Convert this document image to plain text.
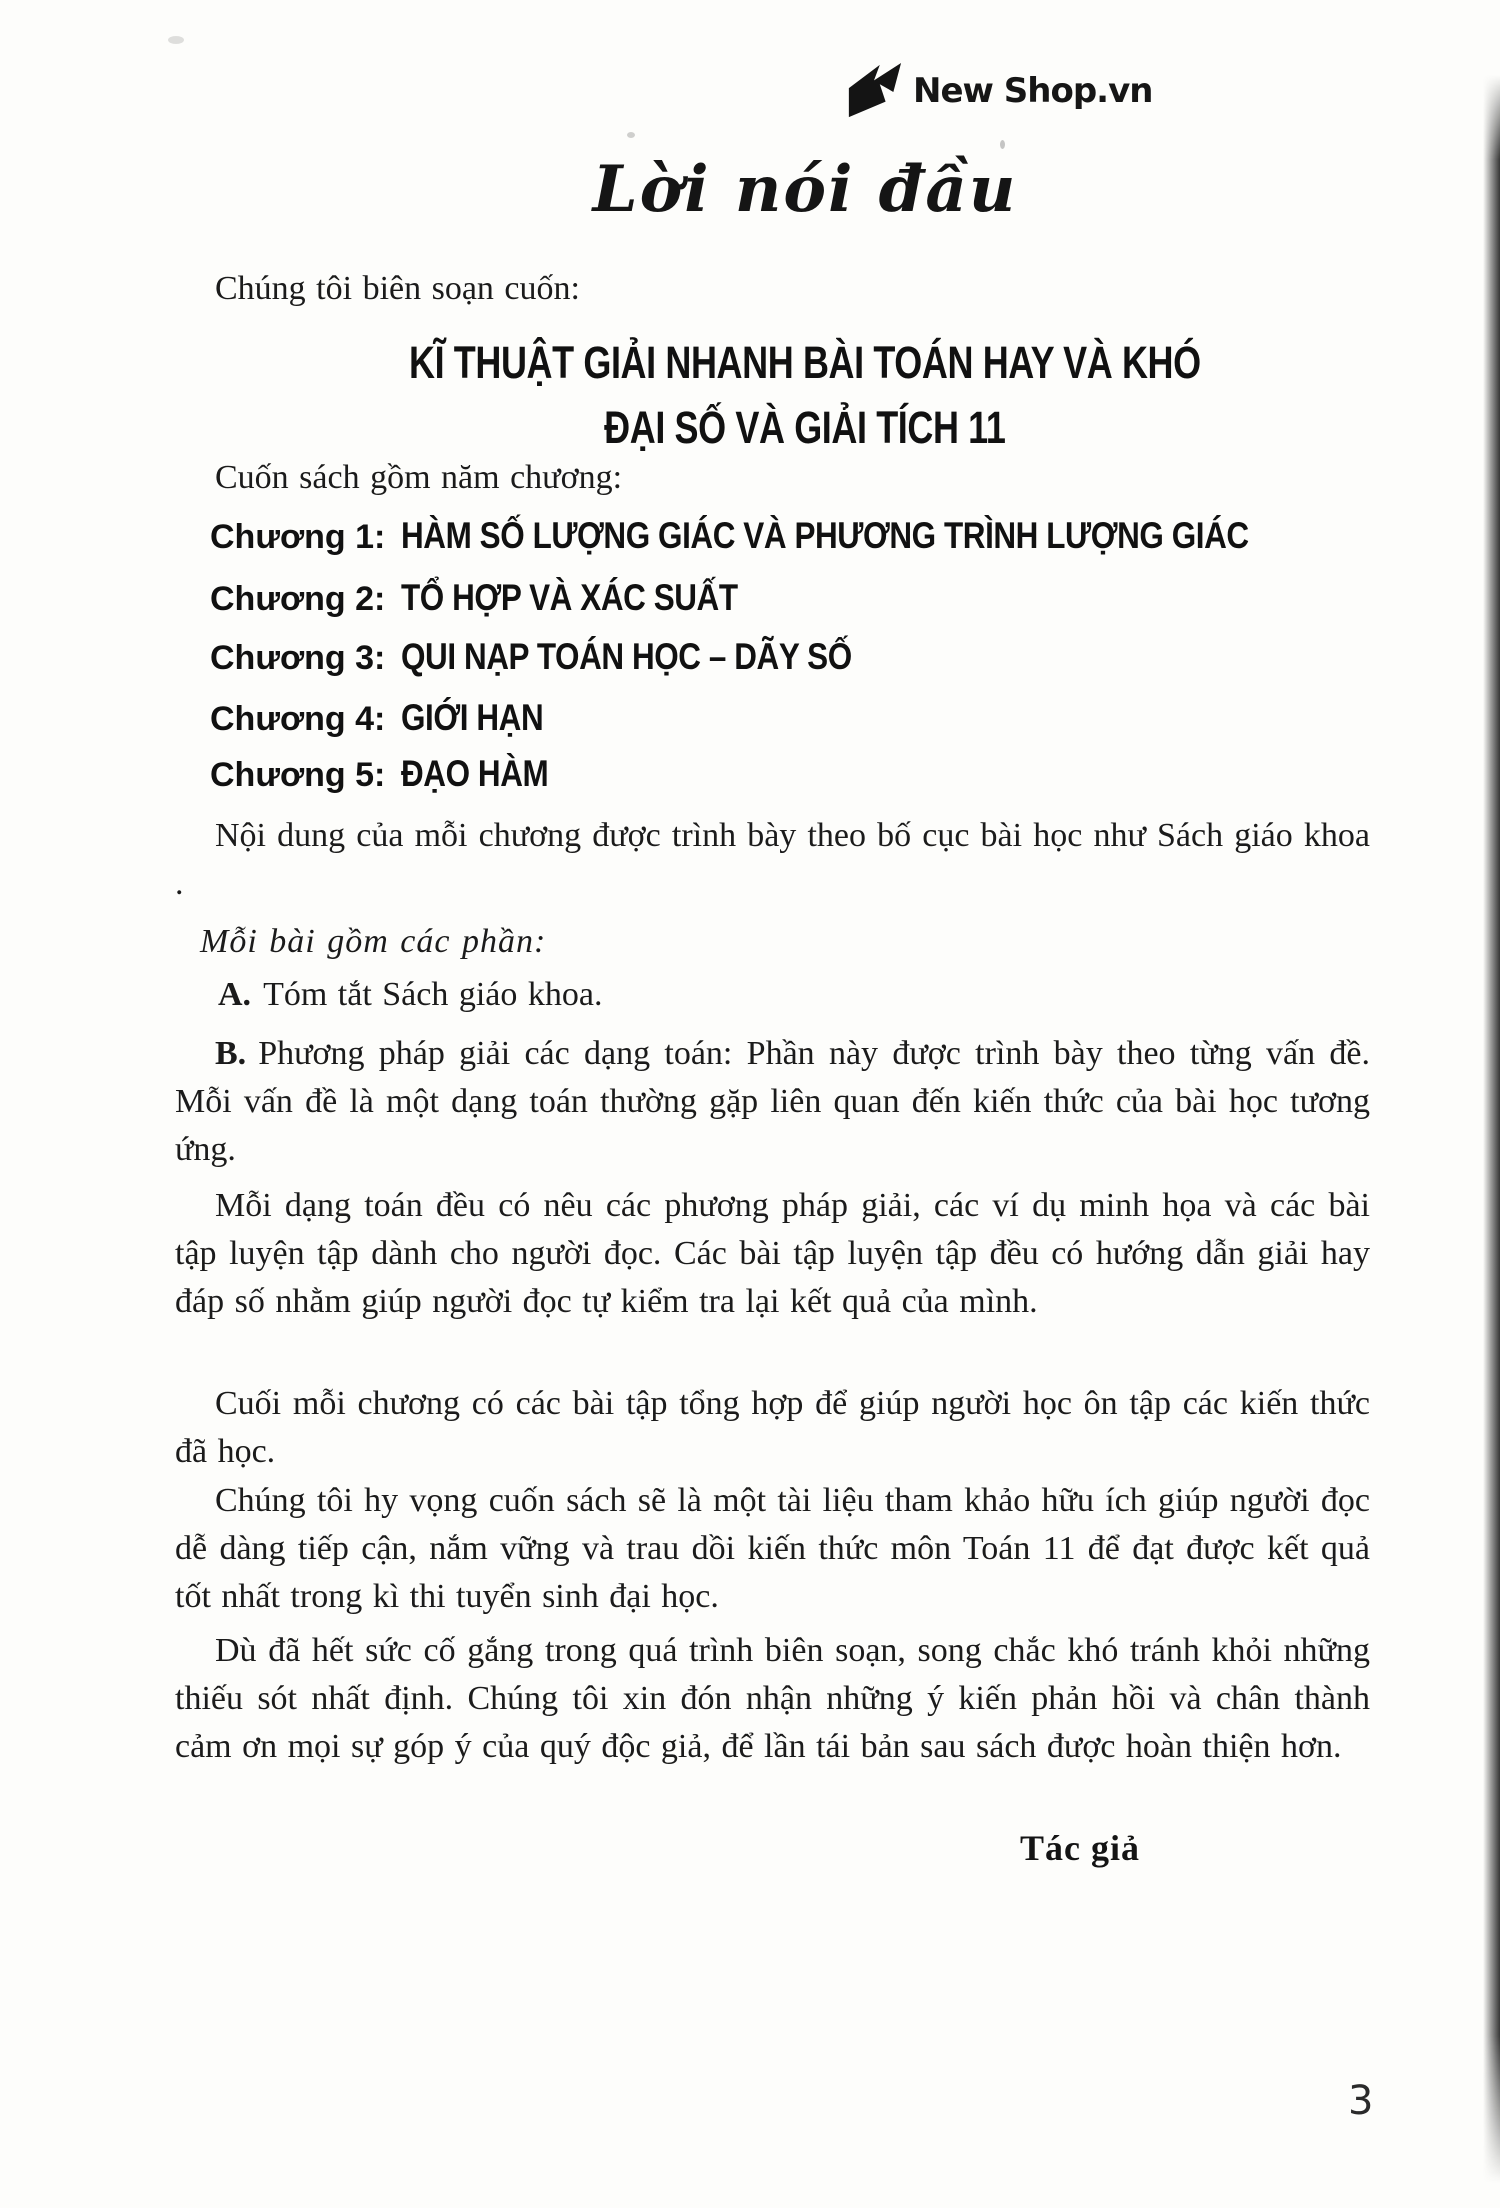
New Shop.vn
Lời nói đầu
Chúng tôi biên soạn cuốn:
KĨ THUẬT GIẢI NHANH BÀI TOÁN HAY VÀ KHÓ
ĐẠI SỐ VÀ GIẢI TÍCH 11
Cuốn sách gồm năm chương:
Chương 1: HÀM SỐ LƯỢNG GIÁC VÀ PHƯƠNG TRÌNH LƯỢNG GIÁC
Chương 2: TỔ HỢP VÀ XÁC SUẤT
Chương 3: QUI NẠP TOÁN HỌC – DÃY SỐ
Chương 4: GIỚI HẠN
Chương 5: ĐẠO HÀM
Nội dung của mỗi chương được trình bày theo bố cục bài học như Sách giáo khoa .
Mỗi bài gồm các phần:
A. Tóm tắt Sách giáo khoa.
B. Phương pháp giải các dạng toán: Phần này được trình bày theo từng vấn đề. Mỗi vấn đề là một dạng toán thường gặp liên quan đến kiến thức của bài học tương ứng.
Mỗi dạng toán đều có nêu các phương pháp giải, các ví dụ minh họa và các bài tập luyện tập dành cho người đọc. Các bài tập luyện tập đều có hướng dẫn giải hay đáp số nhằm giúp người đọc tự kiểm tra lại kết quả của mình.
Cuối mỗi chương có các bài tập tổng hợp để giúp người học ôn tập các kiến thức đã học.
Chúng tôi hy vọng cuốn sách sẽ là một tài liệu tham khảo hữu ích giúp người đọc dễ dàng tiếp cận, nắm vững và trau dồi kiến thức môn Toán 11 để đạt được kết quả tốt nhất trong kì thi tuyển sinh đại học.
Dù đã hết sức cố gắng trong quá trình biên soạn, song chắc khó tránh khỏi những thiếu sót nhất định. Chúng tôi xin đón nhận những ý kiến phản hồi và chân thành cảm ơn mọi sự góp ý của quý độc giả, để lần tái bản sau sách được hoàn thiện hơn.
Tác giả
3
